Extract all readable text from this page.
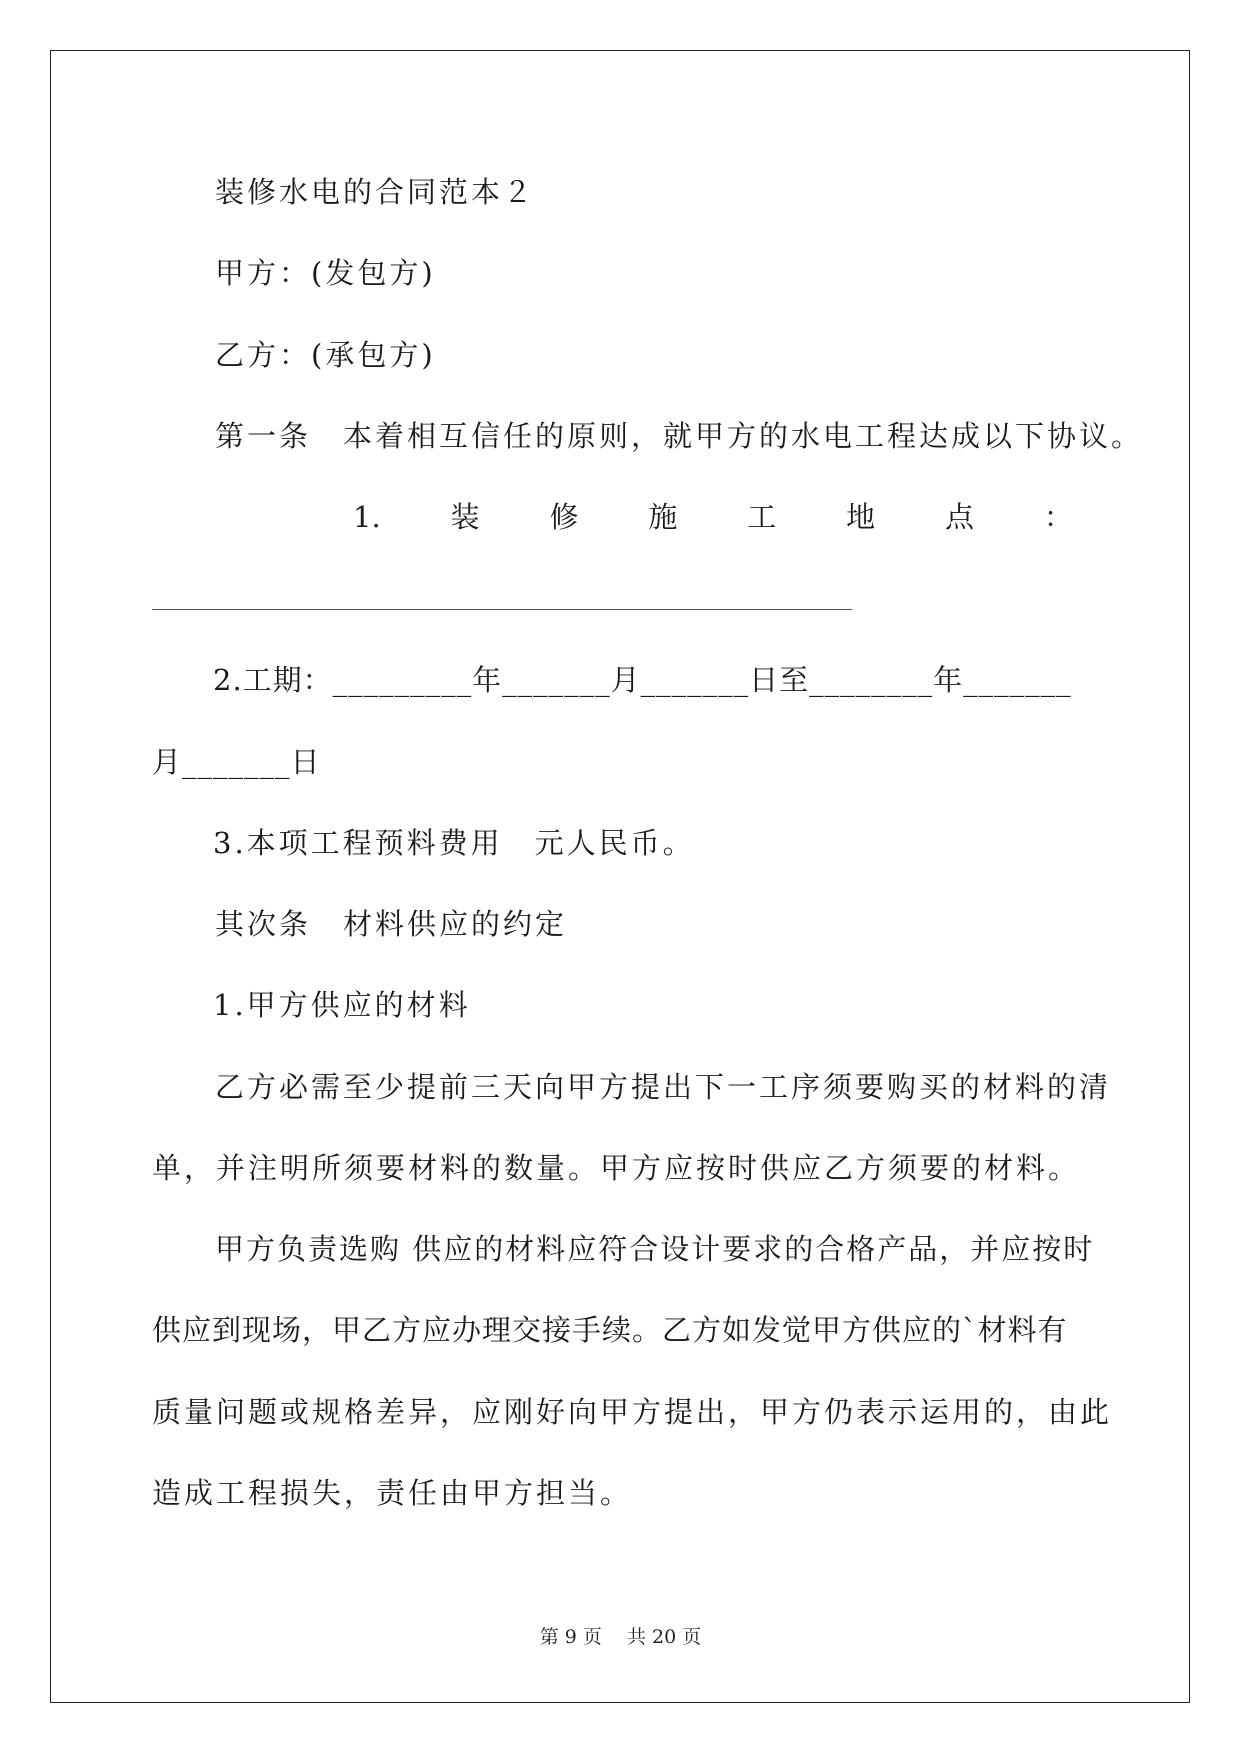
装修水电的合同范本２
甲方：(发包方)
乙方：(承包方)
第一条　本着相互信任的原则，就甲方的水电工程达成以下协议。
1. 装 修 施 工 地 点 ：
2.工期：_________年_______月_______日至________年_______
月_______日
3.本项工程预料费用　元人民币。
其次条　材料供应的约定
1.甲方供应的材料
乙方必需至少提前三天向甲方提出下一工序须要购买的材料的清
单，并注明所须要材料的数量。甲方应按时供应乙方须要的材料。
甲方负责选购 供应的材料应符合设计要求的合格产品，并应按时
供应到现场，甲乙方应办理交接手续。乙方如发觉甲方供应的`材料有
质量问题或规格差异，应刚好向甲方提出，甲方仍表示运用的，由此
造成工程损失，责任由甲方担当。
第 9 页　 共 20 页
